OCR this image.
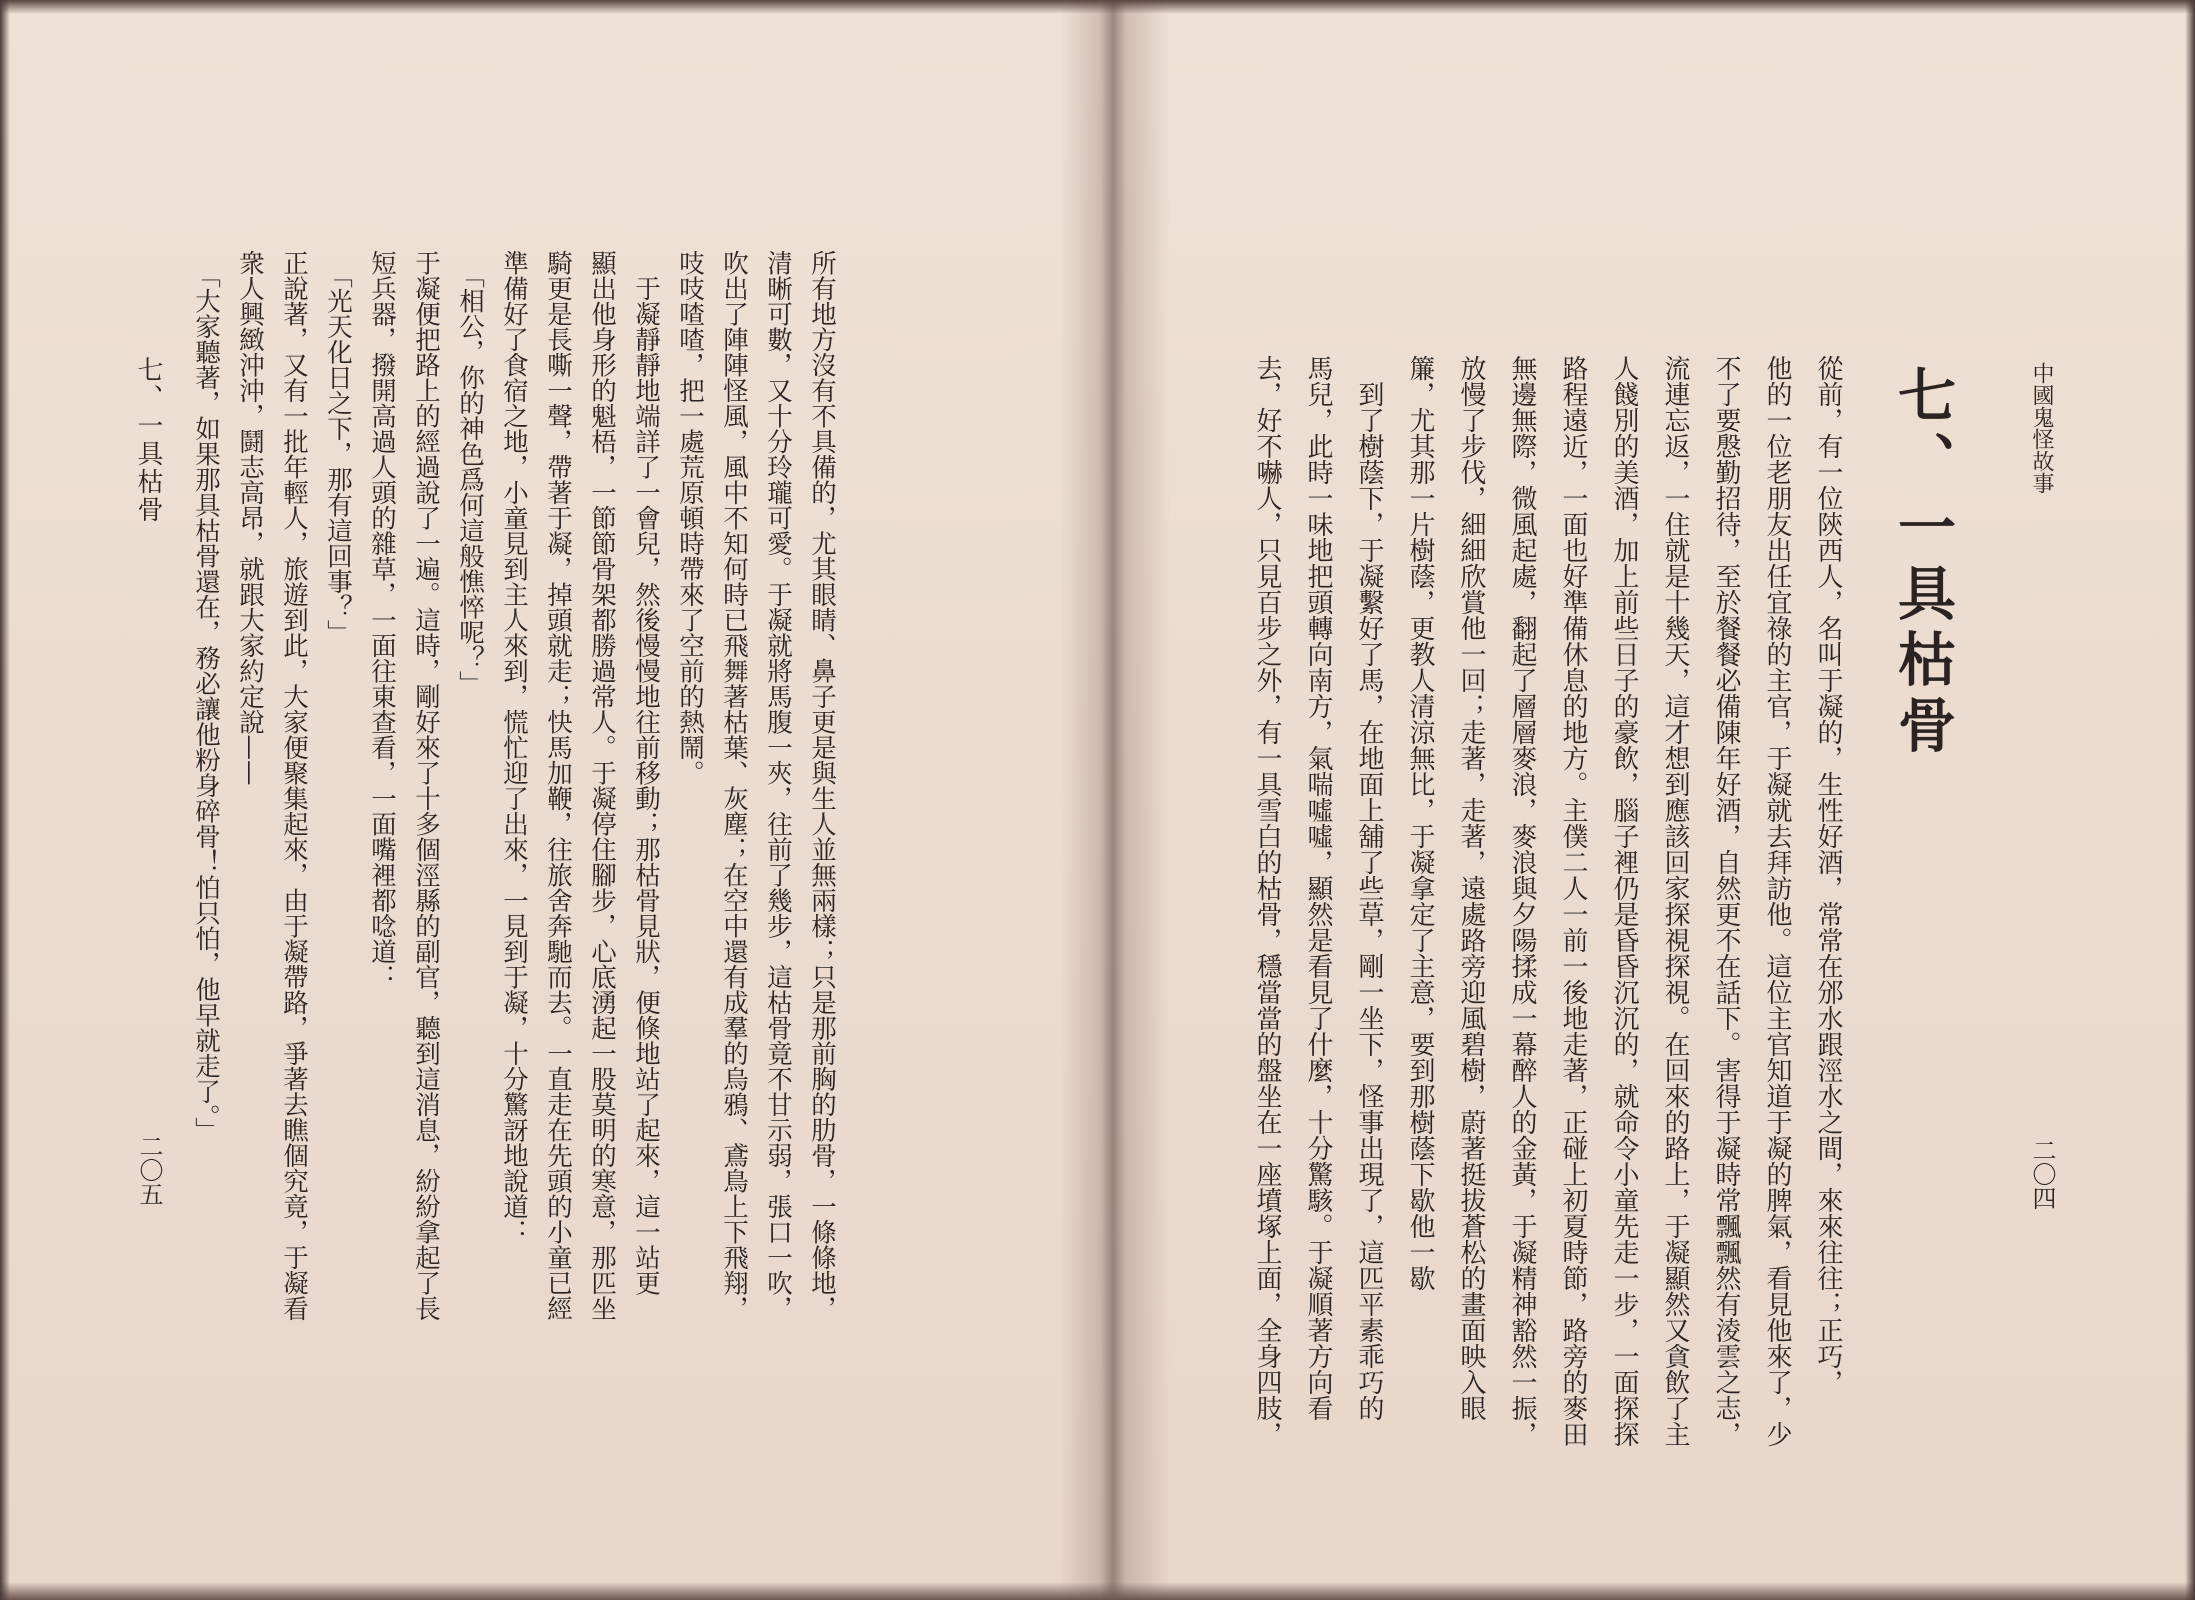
中國鬼怪故事
七、一具枯骨
二〇四
從前，有一位陝西人，名叫于凝的，生性好酒，常常在邠水跟涇水之間，來來往往；正巧，
他的一位老朋友出任宜祿的主官，于凝就去拜訪他。這位主官知道于凝的脾氣，看見他來了，少
不了要慇勤招待，至於餐餐必備陳年好酒，自然更不在話下。害得于凝時常飄飄然有淩雲之志，
流連忘返，一住就是十幾天，這才想到應該回家探視探視。在回來的路上，于凝顯然又貪飲了主
人餞別的美酒，加上前些日子的豪飲，腦子裡仍是昏昏沉沉的，就命令小童先走一步，一面探探
路程遠近，一面也好準備休息的地方。主僕二人一前一後地走著，正碰上初夏時節，路旁的麥田
無邊無際，微風起處，翻起了層層麥浪，麥浪與夕陽揉成一幕醉人的金黃，于凝精神豁然一振，
放慢了步伐，細細欣賞他一回；走著，走著，遠處路旁迎風碧樹，蔚著挺拔蒼松的畫面映入眼
簾，尤其那一片樹蔭，更教人清涼無比，于凝拿定了主意，要到那樹蔭下歇他一歇
　到了樹蔭下，于凝繫好了馬，在地面上舖了些草，剛一坐下，怪事出現了，這匹平素乖巧的
馬兒，此時一味地把頭轉向南方，氣喘噓噓，顯然是看見了什麼，十分驚駭。于凝順著方向看
去，好不嚇人，只見百步之外，有一具雪白的枯骨，穩當當的盤坐在一座墳塚上面，全身四肢，
所有地方沒有不具備的，尤其眼睛、鼻子更是與生人並無兩樣；只是那前胸的肋骨，一條條地，
清晰可數，又十分玲瓏可愛。于凝就將馬腹一夾，往前了幾步，這枯骨竟不甘示弱，張口一吹，
吹出了陣陣怪風，風中不知何時已飛舞著枯葉、灰塵；在空中還有成羣的烏鴉、鳶鳥上下飛翔，
吱吱喳喳，把一處荒原頓時帶來了空前的熱鬧。
　于凝靜靜地端詳了一會兒，然後慢慢地往前移動；那枯骨見狀，便倏地站了起來，這一站更
顯出他身形的魁梧，一節節骨架都勝過常人。于凝停住腳步，心底湧起一股莫明的寒意，那匹坐
騎更是長嘶一聲，帶著于凝，掉頭就走；快馬加鞭，往旅舍奔馳而去。一直走在先頭的小童已經
準備好了食宿之地，小童見到主人來到，慌忙迎了出來，一見到于凝，十分驚訝地說道：
　「相公，你的神色爲何這般憔悴呢？」
于凝便把路上的經過說了一遍。這時，剛好來了十多個涇縣的副官，聽到這消息，紛紛拿起了長
短兵器，撥開高過人頭的雜草，一面往東查看，一面嘴裡都唸道：
　「光天化日之下，那有這回事？」
正說著，又有一批年輕人，旅遊到此，大家便聚集起來，由于凝帶路，爭著去瞧個究竟，于凝看
衆人興緻沖沖，鬪志高昂，就跟大家約定說——
　「大家聽著，如果那具枯骨還在，務必讓他粉身碎骨！怕只怕，他早就走了。」
七、一具枯骨
二〇五
